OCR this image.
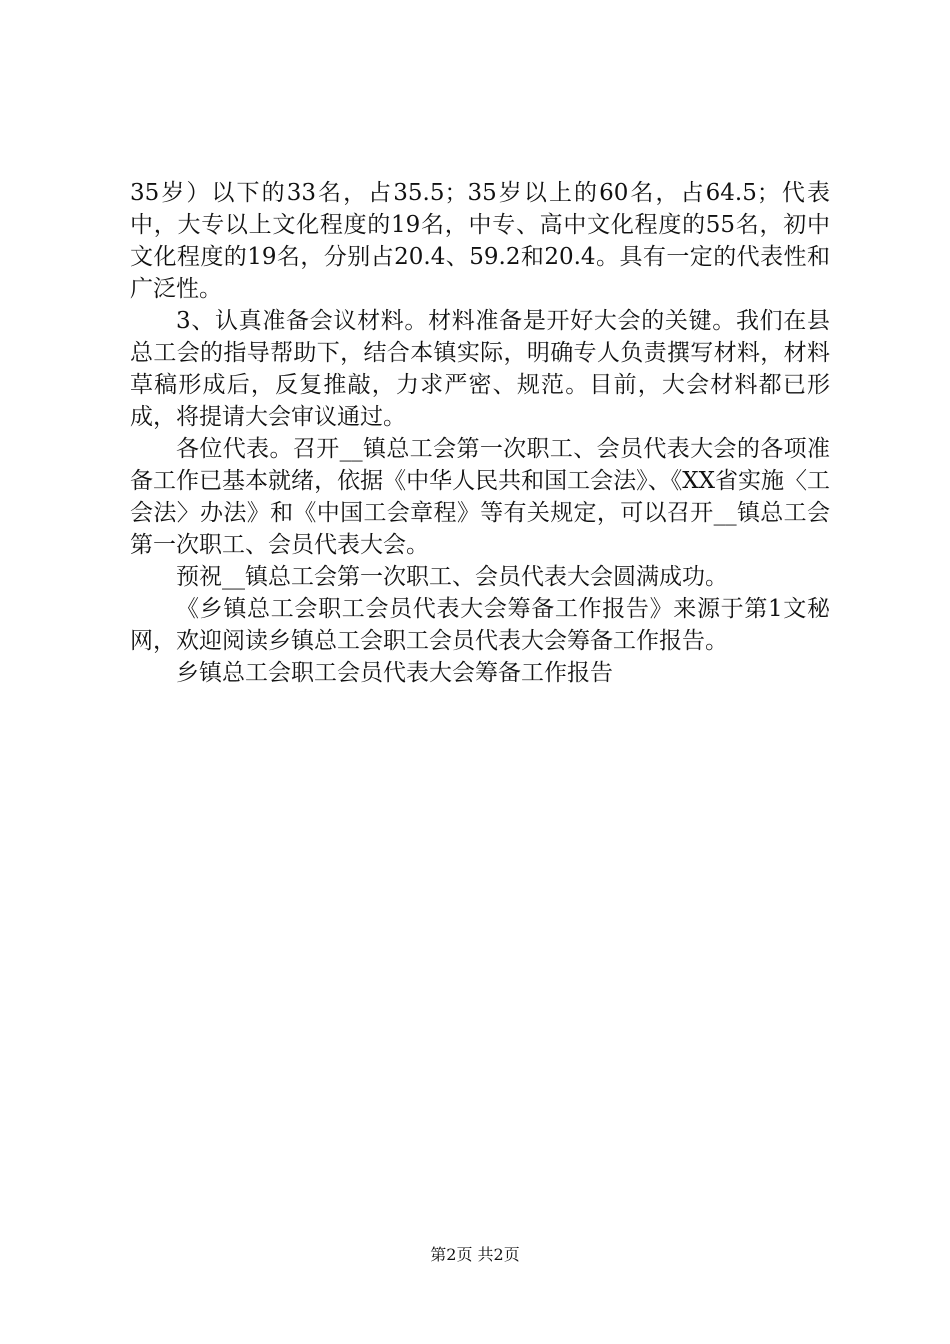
35岁）以下的33名，占35.5；35岁以上的60名，占64.5；代表中，大专以上文化程度的19名，中专、高中文化程度的55名，初中文化程度的19名，分别占20.4、59.2和20.4。具有一定的代表性和广泛性。

3、认真准备会议材料。材料准备是开好大会的关键。我们在县总工会的指导帮助下，结合本镇实际，明确专人负责撰写材料，材料草稿形成后，反复推敲，力求严密、规范。目前，大会材料都已形成，将提请大会审议通过。

各位代表。召开__镇总工会第一次职工、会员代表大会的各项准备工作已基本就绪，依据《中华人民共和国工会法》、《XX省实施〈工会法〉办法》和《中国工会章程》等有关规定，可以召开__镇总工会第一次职工、会员代表大会。

预祝__镇总工会第一次职工、会员代表大会圆满成功。

《乡镇总工会职工会员代表大会筹备工作报告》来源于第1文秘网，欢迎阅读乡镇总工会职工会员代表大会筹备工作报告。

乡镇总工会职工会员代表大会筹备工作报告

第2页 共2页
